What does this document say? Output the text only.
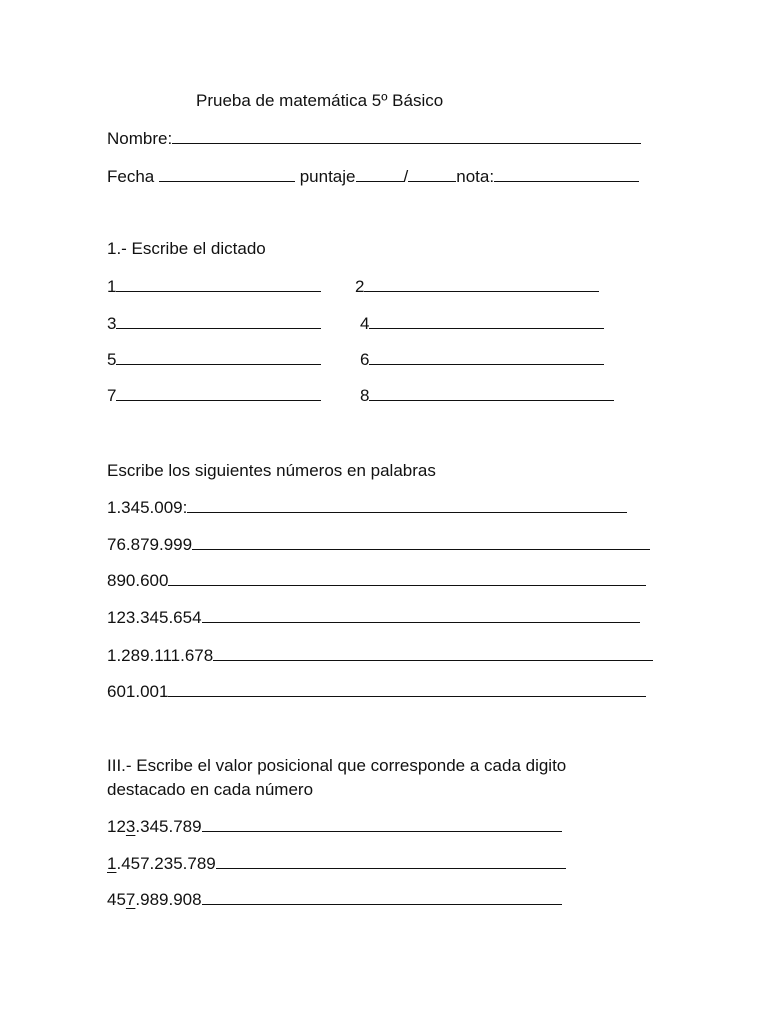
Prueba de matemática 5º Básico
Nombre:
Fecha	puntaje	/	nota:
1.- Escribe el dictado
1	2
3	4
5	6
7	8
Escribe los siguientes números en palabras
1.345.009:
76.879.999
890.600
123.345.654
1.289.111.678
601.001
III.- Escribe el valor posicional que corresponde a cada digito
destacado en cada número
123.345.789
1.457.235.789
457.989.908
